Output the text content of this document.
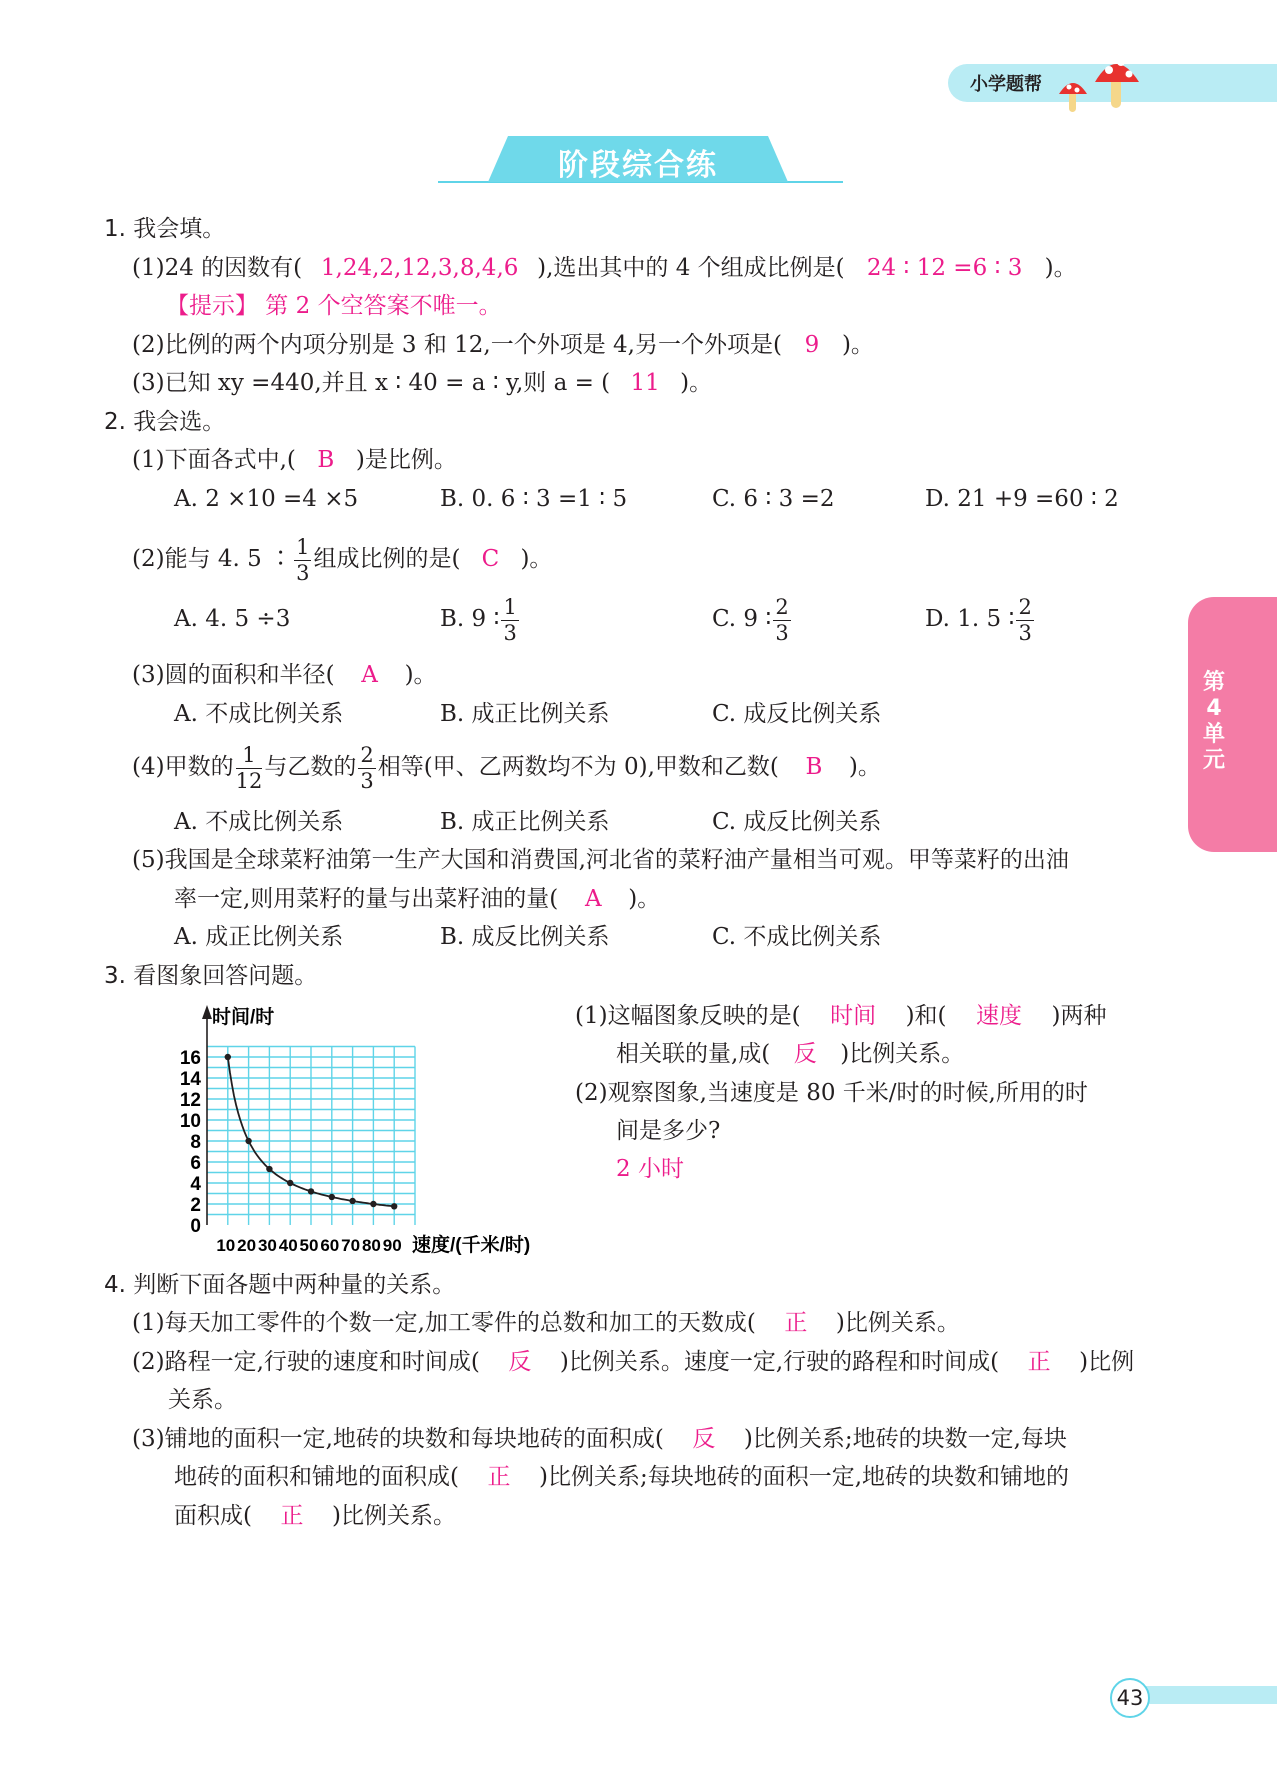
小学题帮
阶段综合练
第
4
单元
1. 我会填。
(1)24 的因数有( 1,24,2,12,3,8,4,6 ),选出其中的 4 个组成比例是( 24 ∶ 12 =6 ∶ 3 )。
【提示】 第 2 个空答案不唯一。
(2)比例的两个内项分别是 3 和 12,一个外项是 4,另一个外项是( 9 )。
(3)已知 xy =440,并且 x ∶ 40 = a ∶ y,则 a = ( 11 )。
2. 我会选。
(1)下面各式中,( B )是比例。
A. 2 ×10 =4 ×5	B. 0. 6 ∶ 3 =1 ∶ 5	C. 6 ∶ 3 =2	D. 21 +9 =60 ∶ 2
(2)能与 4. 5 ∶ $\frac{1}{3}$ 组成比例的是( C )。
A. 4. 5 ÷3	B. 9 ∶ $\frac{1}{3}$	C. 9 ∶ $\frac{2}{3}$	D. 1. 5 ∶ $\frac{2}{3}$
(3)圆的面积和半径( A )。
A. 不成比例关系	B. 成正比例关系	C. 成反比例关系
(4)甲数的 $\frac{1}{12}$ 与乙数的 $\frac{2}{3}$ 相等(甲、乙两数均不为 0),甲数和乙数( B )。
A. 不成比例关系	B. 成正比例关系	C. 成反比例关系
(5)我国是全球菜籽油第一生产大国和消费国,河北省的菜籽油产量相当可观。甲等菜籽的出油
率一定,则用菜籽的量与出菜籽油的量( A )。
A. 成正比例关系	B. 成反比例关系	C. 不成比例关系
3. 看图象回答问题。
时间/时
0
2
4
6
8
10
12
14
16
10 20 30 40 50 60 70 80 90 速度/(千米/时)
(1)这幅图象反映的是( 时间 )和( 速度 )两种
相关联的量,成( 反 )比例关系。
(2)观察图象,当速度是 80 千米/时的时候,所用的时
间是多少?
2 小时
4. 判断下面各题中两种量的关系。
(1)每天加工零件的个数一定,加工零件的总数和加工的天数成( 正 )比例关系。
(2)路程一定,行驶的速度和时间成( 反 )比例关系。速度一定,行驶的路程和时间成( 正 )比例
关系。
(3)铺地的面积一定,地砖的块数和每块地砖的面积成( 反 )比例关系;地砖的块数一定,每块
地砖的面积和铺地的面积成( 正 )比例关系;每块地砖的面积一定,地砖的块数和铺地的
面积成( 正 )比例关系。
43
